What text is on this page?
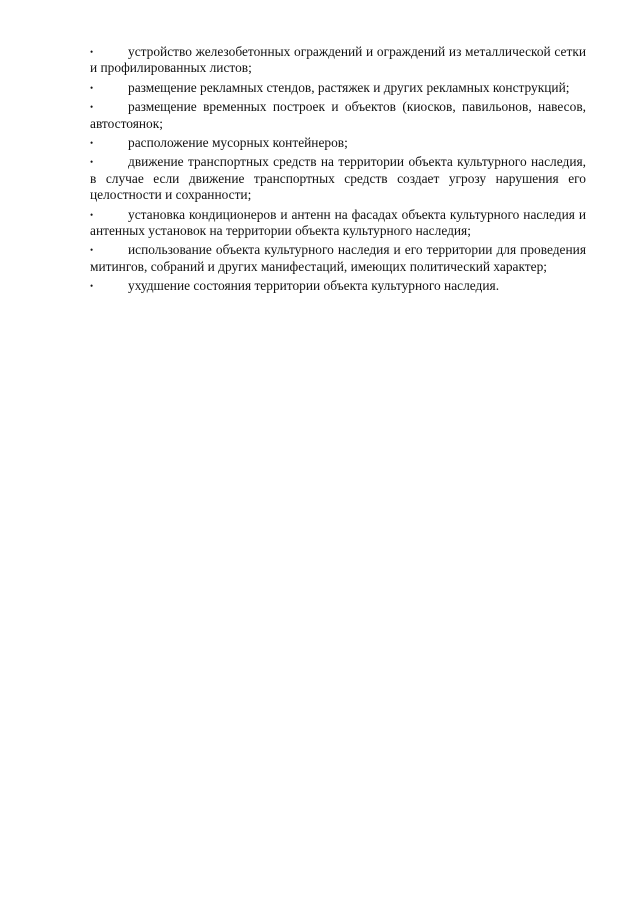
•	устройство железобетонных ограждений и ограждений из металлической сетки и профилированных листов;
•	размещение рекламных стендов, растяжек и других рекламных конструкций;
•	размещение временных построек и объектов (киосков, павильонов, навесов, автостоянок;
•	расположение мусорных контейнеров;
•	движение транспортных средств на территории объекта культурного наследия, в случае если движение транспортных средств создает угрозу нарушения его целостности и сохранности;
•	установка кондиционеров и антенн на фасадах объекта культурного наследия и антенных установок на территории объекта культурного наследия;
•	использование объекта культурного наследия и его территории для проведения митингов, собраний и других манифестаций, имеющих политический характер;
•	ухудшение состояния территории объекта культурного наследия.
